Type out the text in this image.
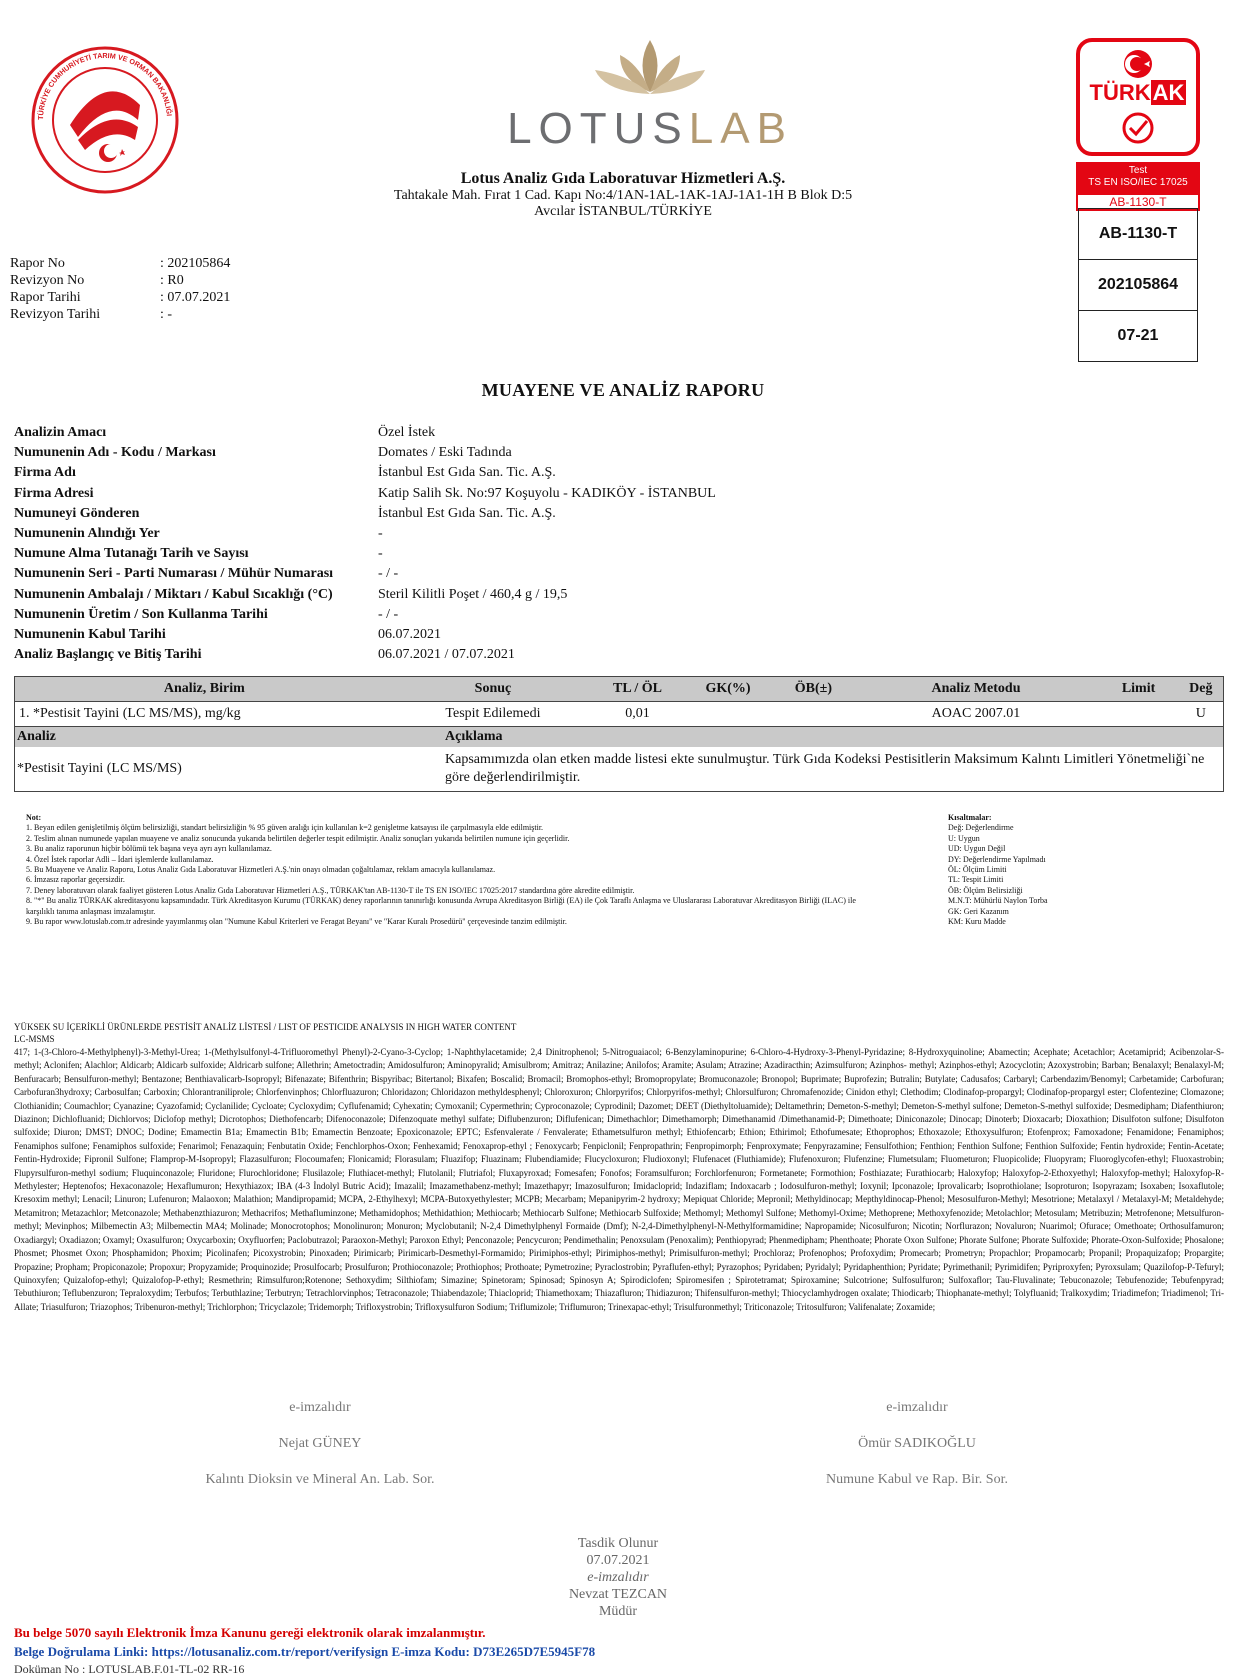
TÜRKİYE CUMHURİYETİ TARIM VE ORMAN BAKANLIĞI	LOTUSLAB
Lotus Analiz Gıda Laboratuvar Hizmetleri A.Ş.
Tahtakale Mah. Fırat 1 Cad. Kapı No:4/1AN-1AL-1AK-1AJ-1A1-1H B Blok D:5
Avcılar İSTANBUL/TÜRKİYE
TÜRKAK
Test
TS EN ISO/IEC 17025
AB-1130-T
AB-1130-T
202105864
07-21
Rapor No	: 202105864
Revizyon No	: R0
Rapor Tarihi	: 07.07.2021
Revizyon Tarihi	: -
MUAYENE VE ANALİZ RAPORU
Analizin Amacı	Özel İstek
Numunenin Adı - Kodu / Markası	Domates / Eski Tadında
Firma Adı	İstanbul Est Gıda San. Tic. A.Ş.
Firma Adresi	Katip Salih Sk. No:97 Koşuyolu - KADIKÖY - İSTANBUL
Numuneyi Gönderen	İstanbul Est Gıda San. Tic. A.Ş.
Numunenin Alındığı Yer	-
Numune Alma Tutanağı Tarih ve Sayısı	-
Numunenin Seri - Parti Numarası / Mühür Numarası	- / -
Numunenin Ambalajı / Miktarı / Kabul Sıcaklığı (°C)	Steril Kilitli Poşet / 460,4 g / 19,5
Numunenin Üretim / Son Kullanma Tarihi	- / -
Numunenin Kabul Tarihi	06.07.2021
Analiz Başlangıç ve Bitiş Tarihi	06.07.2021 / 07.07.2021
Analiz, Birim	Sonuç	TL / ÖL	GK(%)	ÖB(±)	Analiz Metodu	Limit	Değ
1. *Pestisit Tayini (LC MS/MS), mg/kg	Tespit Edilemedi	0,01			AOAC 2007.01		U
Analiz	Açıklama
*Pestisit Tayini (LC MS/MS)	Kapsamımızda olan etken madde listesi ekte sunulmuştur. Türk Gıda Kodeksi Pestisitlerin Maksimum Kalıntı Limitleri Yönetmeliği`ne göre değerlendirilmiştir.
Not:
1. Beyan edilen genişletilmiş ölçüm belirsizliği, standart belirsizliğin % 95 güven aralığı için kullanılan k=2 genişletme katsayısı ile çarpılmasıyla elde edilmiştir.
2. Teslim alınan numunede yapılan muayene ve analiz sonucunda yukarıda belirtilen değerler tespit edilmiştir. Analiz sonuçları yukarıda belirtilen numune için geçerlidir.
3. Bu analiz raporunun hiçbir bölümü tek başına veya ayrı ayrı kullanılamaz.
4. Özel İstek raporlar Adli – İdari işlemlerde kullanılamaz.
5. Bu Muayene ve Analiz Raporu, Lotus Analiz Gıda Laboratuvar Hizmetleri A.Ş.'nin onayı olmadan çoğaltılamaz, reklam amacıyla kullanılamaz.
6. İmzasız raporlar geçersizdir.
7. Deney laboratuvarı olarak faaliyet gösteren Lotus Analiz Gıda Laboratuvar Hizmetleri A.Ş., TÜRKAK'tan AB-1130-T ile TS EN ISO/IEC 17025:2017 standardına göre akredite edilmiştir.
8. "*" Bu analiz TÜRKAK akreditasyonu kapsamındadır. Türk Akreditasyon Kurumu (TÜRKAK) deney raporlarının tanınırlığı konusunda Avrupa Akreditasyon Birliği (EA) ile Çok Taraflı Anlaşma ve Uluslararası Laboratuvar Akreditasyon Birliği (ILAC) ile karşılıklı tanıma anlaşması imzalamıştır.
9. Bu rapor www.lotuslab.com.tr adresinde yayımlanmış olan "Numune Kabul Kriterleri ve Feragat Beyanı" ve "Karar Kuralı Prosedürü" çerçevesinde tanzim edilmiştir.
Kısaltmalar:
Değ: Değerlendirme
U: Uygun
UD: Uygun Değil
DY: Değerlendirme Yapılmadı
ÖL: Ölçüm Limiti
TL: Tespit Limiti
ÖB: Ölçüm Belirsizliği
M.N.T: Mühürlü Naylon Torba
GK: Geri Kazanım
KM: Kuru Madde
YÜKSEK SU İÇERİKLİ ÜRÜNLERDE PESTİSİT ANALİZ LİSTESİ / LIST OF PESTICIDE ANALYSIS IN HIGH WATER CONTENT
LC-MSMS
417; 1-(3-Chloro-4-Methylphenyl)-3-Methyl-Urea; 1-(Methylsulfonyl-4-Trifluoromethyl Phenyl)-2-Cyano-3-Cyclop; 1-Naphthylacetamide; 2,4 Dinitrophenol; 5-Nitroguaiacol; 6-Benzylaminopurine; 6-Chloro-4-Hydroxy-3-Phenyl-Pyridazine; 8-Hydroxyquinoline; Abamectin; Acephate; Acetachlor; Acetamiprid; Acibenzolar-S-methyl; Aclonifen; Alachlor; Aldicarb; Aldicarb sulfoxide; Aldricarb sulfone; Allethrin; Ametoctradin; Amidosulfuron; Aminopyralid; Amisulbrom; Amitraz; Anilazine; Anilofos; Aramite; Asulam; Atrazine; Azadiracthin; Azimsulfuron; Azinphos- methyl; Azinphos-ethyl; Azocyclotin; Azoxystrobin; Barban; Benalaxyl; Benalaxyl-M; Benfuracarb; Bensulfuron-methyl; Bentazone; Benthiavalicarb-Isopropyl; Bifenazate; Bifenthrin; Bispyribac; Bitertanol; Bixafen; Boscalid; Bromacil; Bromophos-ethyl; Bromopropylate; Bromuconazole; Bronopol; Buprimate; Buprofezin; Butralin; Butylate; Cadusafos; Carbaryl; Carbendazim/Benomyl; Carbetamide; Carbofuran; Carbofuran3hydroxy; Carbosulfan; Carboxin; Chlorantraniliprole; Chlorfenvinphos; Chlorfluazuron; Chloridazon; Chloridazon methyldesphenyl; Chloroxuron; Chlorpyrifos; Chlorpyrifos-methyl; Chlorsulfuron; Chromafenozide; Cinidon ethyl; Clethodim; Clodinafop-propargyl; Clodinafop-propargyl ester; Clofentezine; Clomazone; Clothianidin; Coumachlor; Cyanazine; Cyazofamid; Cyclanilide; Cycloate; Cycloxydim; Cyflufenamid; Cyhexatin; Cymoxanil; Cypermethrin; Cyproconazole; Cyprodinil; Dazomet; DEET (Diethyltoluamide); Deltamethrin; Demeton-S-methyl; Demeton-S-methyl sulfone; Demeton-S-methyl sulfoxide; Desmedipham; Diafenthiuron; Diazinon; Dichlofluanid; Dichlorvos; Diclofop methyl; Dicrotophos; Diethofencarb; Difenoconazole; Difenzoquate methyl sulfate; Diflubenzuron; Diflufenican; Dimethachlor; Dimethamorph; Dimethanamid /Dimethanamid-P; Dimethoate; Diniconazole; Dinocap; Dinoterb; Dioxacarb; Dioxathion; Disulfoton sulfone; Disulfoton sulfoxide; Diuron; DMST; DNOC; Dodine; Emamectin B1a; Emamectin B1b; Emamectin Benzoate; Epoxiconazole; EPTC; Esfenvalerate / Fenvalerate; Ethametsulfuron methyl; Ethiofencarb; Ethion; Ethirimol; Ethofumesate; Ethoprophos; Ethoxazole; Ethoxysulfuron; Etofenprox; Famoxadone; Fenamidone; Fenamiphos; Fenamiphos sulfone; Fenamiphos sulfoxide; Fenarimol; Fenazaquin; Fenbutatin Oxide; Fenchlorphos-Oxon; Fenhexamid; Fenoxaprop-ethyl ; Fenoxycarb; Fenpiclonil; Fenpropathrin; Fenpropimorph; Fenproxymate; Fenpyrazamine; Fensulfothion; Fenthion; Fenthion Sulfone; Fenthion Sulfoxide; Fentin hydroxide; Fentin-Acetate; Fentin-Hydroxide; Fipronil Sulfone; Flamprop-M-Isopropyl; Flazasulfuron; Flocoumafen; Flonicamid; Florasulam; Fluazifop; Fluazinam; Flubendiamide; Flucycloxuron; Fludioxonyl; Flufenacet (Fluthiamide); Flufenoxuron; Flufenzine; Flumetsulam; Fluometuron; Fluopicolide; Fluopyram; Fluoroglycofen-ethyl; Fluoxastrobin; Flupyrsulfuron-methyl sodium; Fluquinconazole; Fluridone; Flurochloridone; Flusilazole; Fluthiacet-methyl; Flutolanil; Flutriafol; Fluxapyroxad; Fomesafen; Fonofos; Foramsulfuron; Forchlorfenuron; Formetanete; Formothion; Fosthiazate; Furathiocarb; Haloxyfop; Haloxyfop-2-Ethoxyethyl; Haloxyfop-methyl; Haloxyfop-R-Methylester; Heptenofos; Hexaconazole; Hexaflumuron; Hexythiazox; IBA (4-3 İndolyl Butric Acid); Imazalil; Imazamethabenz-methyl; Imazethapyr; Imazosulfuron; Imidacloprid; Indaziflam; Indoxacarb ; Iodosulfuron-methyl; Ioxynil; Ipconazole; Iprovalicarb; Isoprothiolane; Isoproturon; Isopyrazam; Isoxaben; Isoxaflutole; Kresoxim methyl; Lenacil; Linuron; Lufenuron; Malaoxon; Malathion; Mandipropamid; MCPA, 2-Ethylhexyl; MCPA-Butoxyethylester; MCPB; Mecarbam; Mepanipyrim-2 hydroxy; Mepiquat Chloride; Mepronil; Methyldinocap; Mepthyldinocap-Phenol; Mesosulfuron-Methyl; Mesotrione; Metalaxyl / Metalaxyl-M; Metaldehyde; Metamitron; Metazachlor; Metconazole; Methabenzthiazuron; Methacrifos; Methafluminzone; Methamidophos; Methidathion; Methiocarb; Methiocarb Sulfone; Methiocarb Sulfoxide; Methomyl; Methomyl Sulfone; Methomyl-Oxime; Methoprene; Methoxyfenozide; Metolachlor; Metosulam; Metribuzin; Metrofenone; Metsulfuron-methyl; Mevinphos; Milbemectin A3; Milbemectin MA4; Molinade; Monocrotophos; Monolinuron; Monuron; Myclobutanil; N-2,4 Dimethylphenyl Formaide (Dmf); N-2,4-Dimethylphenyl-N-Methylformamidine; Napropamide; Nicosulfuron; Nicotin; Norflurazon; Novaluron; Nuarimol; Ofurace; Omethoate; Orthosulfamuron; Oxadiargyl; Oxadiazon; Oxamyl; Oxasulfuron; Oxycarboxin; Oxyfluorfen; Paclobutrazol; Paraoxon-Methyl; Paroxon Ethyl; Penconazole; Pencycuron; Pendimethalin; Penoxsulam (Penoxalim); Penthiopyrad; Phenmedipham; Phenthoate; Phorate Oxon Sulfone; Phorate Sulfone; Phorate Sulfoxide; Phorate-Oxon-Sulfoxide; Phosalone; Phosmet; Phosmet Oxon; Phosphamidon; Phoxim; Picolinafen; Picoxystrobin; Pinoxaden; Pirimicarb; Pirimicarb-Desmethyl-Formamido; Pirimiphos-ethyl; Pirimiphos-methyl; Primisulfuron-methyl; Prochloraz; Profenophos; Profoxydim; Promecarb; Prometryn; Propachlor; Propamocarb; Propanil; Propaquizafop; Propargite; Propazine; Propham; Propiconazole; Propoxur; Propyzamide; Proquinozide; Prosulfocarb; Prosulfuron; Prothioconazole; Prothiophos; Prothoate; Pymetrozine; Pyraclostrobin; Pyraflufen-ethyl; Pyrazophos; Pyridaben; Pyridalyl; Pyridaphenthion; Pyridate; Pyrimethanil; Pyrimidifen; Pyriproxyfen; Pyroxsulam; Quazilofop-P-Tefuryl; Quinoxyfen; Quizalofop-ethyl; Quizalofop-P-ethyl; Resmethrin; Rimsulfuron;Rotenone; Sethoxydim; Silthiofam; Simazine; Spinetoram; Spinosad; Spinosyn A; Spirodiclofen; Spiromesifen ; Spirotetramat; Spiroxamine; Sulcotrione; Sulfosulfuron; Sulfoxaflor; Tau-Fluvalinate; Tebuconazole; Tebufenozide; Tebufenpyrad; Tebuthiuron; Teflubenzuron; Tepraloxydim; Terbufos; Terbuthlazine; Terbutryn; Tetrachlorvinphos; Tetraconazole; Thiabendazole; Thiacloprid; Thiamethoxam; Thiazafluron; Thidiazuron; Thifensulfuron-methyl; Thiocyclamhydrogen oxalate; Thiodicarb; Thiophanate-methyl; Tolyfluanid; Tralkoxydim; Triadimefon; Triadimenol; Tri-Allate; Triasulfuron; Triazophos; Tribenuron-methyl; Trichlorphon; Tricyclazole; Tridemorph; Trifloxystrobin; Trifloxysulfuron Sodium; Triflumizole; Triflumuron; Trinexapac-ethyl; Trisulfuronmethyl; Triticonazole; Tritosulfuron; Valifenalate; Zoxamide;
e-imzalıdır
Nejat GÜNEY
Kalıntı Dioksin ve Mineral An. Lab. Sor.
e-imzalıdır
Ömür SADIKOĞLU
Numune Kabul ve Rap. Bir. Sor.
Tasdik Olunur
07.07.2021
e-imzalıdır
Nevzat TEZCAN
Müdür
Bu belge 5070 sayılı Elektronik İmza Kanunu gereği elektronik olarak imzalanmıştır.
Belge Doğrulama Linki: https://lotusanaliz.com.tr/report/verifysign E-imza Kodu: D73E265D7E5945F78
Doküman No : LOTUSLAB.F.01-TL-02 RR-16
